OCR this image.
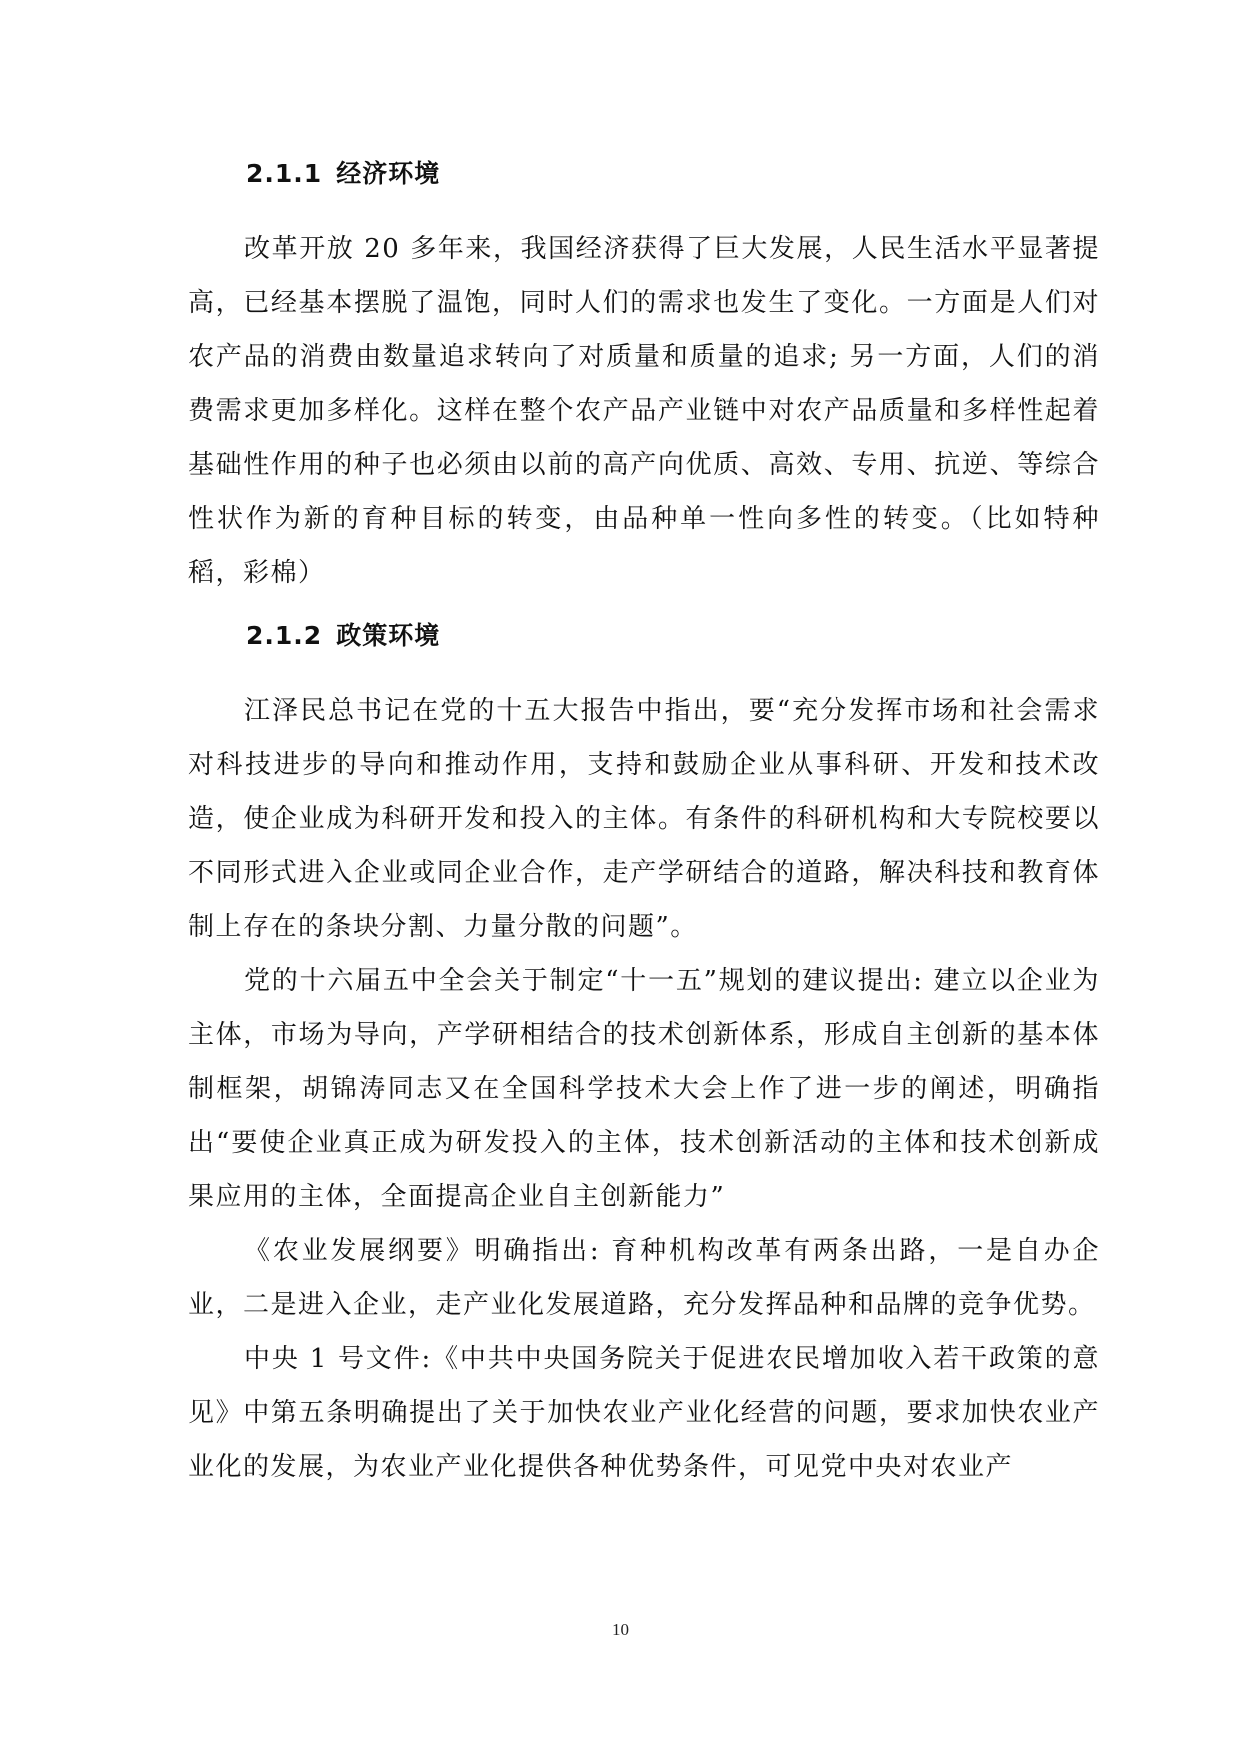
2.1.1 经济环境

改革开放 20 多年来，我国经济获得了巨大发展，人民生活水平显著提高，已经基本摆脱了温饱，同时人们的需求也发生了变化。一方面是人们对农产品的消费由数量追求转向了对质量和质量的追求; 另一方面，人们的消费需求更加多样化。这样在整个农产品产业链中对农产品质量和多样性起着基础性作用的种子也必须由以前的高产向优质、高效、专用、抗逆、等综合性状作为新的育种目标的转变，由品种单一性向多性的转变。（比如特种稻，彩棉）

2.1.2 政策环境

江泽民总书记在党的十五大报告中指出，要“充分发挥市场和社会需求对科技进步的导向和推动作用，支持和鼓励企业从事科研、开发和技术改造，使企业成为科研开发和投入的主体。有条件的科研机构和大专院校要以不同形式进入企业或同企业合作，走产学研结合的道路，解决科技和教育体制上存在的条块分割、力量分散的问题”。

党的十六届五中全会关于制定“十一五”规划的建议提出: 建立以企业为主体，市场为导向，产学研相结合的技术创新体系，形成自主创新的基本体制框架，胡锦涛同志又在全国科学技术大会上作了进一步的阐述，明确指出“要使企业真正成为研发投入的主体，技术创新活动的主体和技术创新成果应用的主体，全面提高企业自主创新能力”

《农业发展纲要》明确指出: 育种机构改革有两条出路，一是自办企业，二是进入企业，走产业化发展道路，充分发挥品种和品牌的竞争优势。

中央 1 号文件:《中共中央国务院关于促进农民增加收入若干政策的意见》中第五条明确提出了关于加快农业产业化经营的问题，要求加快农业产业化的发展，为农业产业化提供各种优势条件，可见党中央对农业产

10
